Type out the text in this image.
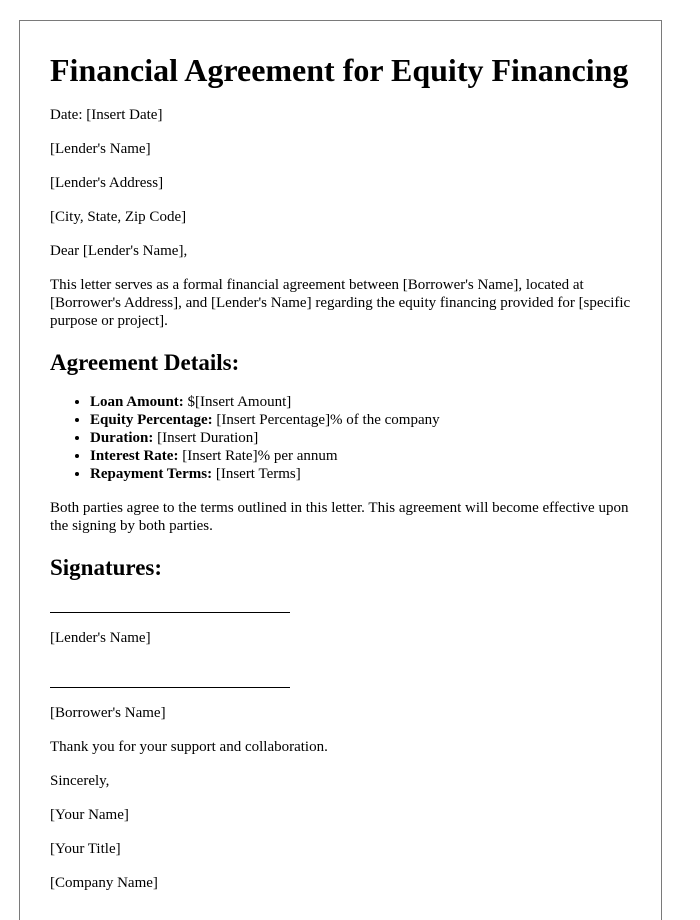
Financial Agreement for Equity Financing

Date: [Insert Date]

[Lender's Name]

[Lender's Address]

[City, State, Zip Code]

Dear [Lender's Name],

This letter serves as a formal financial agreement between [Borrower's Name], located at [Borrower's Address], and [Lender's Name] regarding the equity financing provided for [specific purpose or project].

Agreement Details:
• Loan Amount: $[Insert Amount]
• Equity Percentage: [Insert Percentage]% of the company
• Duration: [Insert Duration]
• Interest Rate: [Insert Rate]% per annum
• Repayment Terms: [Insert Terms]

Both parties agree to the terms outlined in this letter. This agreement will become effective upon the signing by both parties.

Signatures:

[Lender's Name]

[Borrower's Name]

Thank you for your support and collaboration.

Sincerely,

[Your Name]

[Your Title]

[Company Name]
